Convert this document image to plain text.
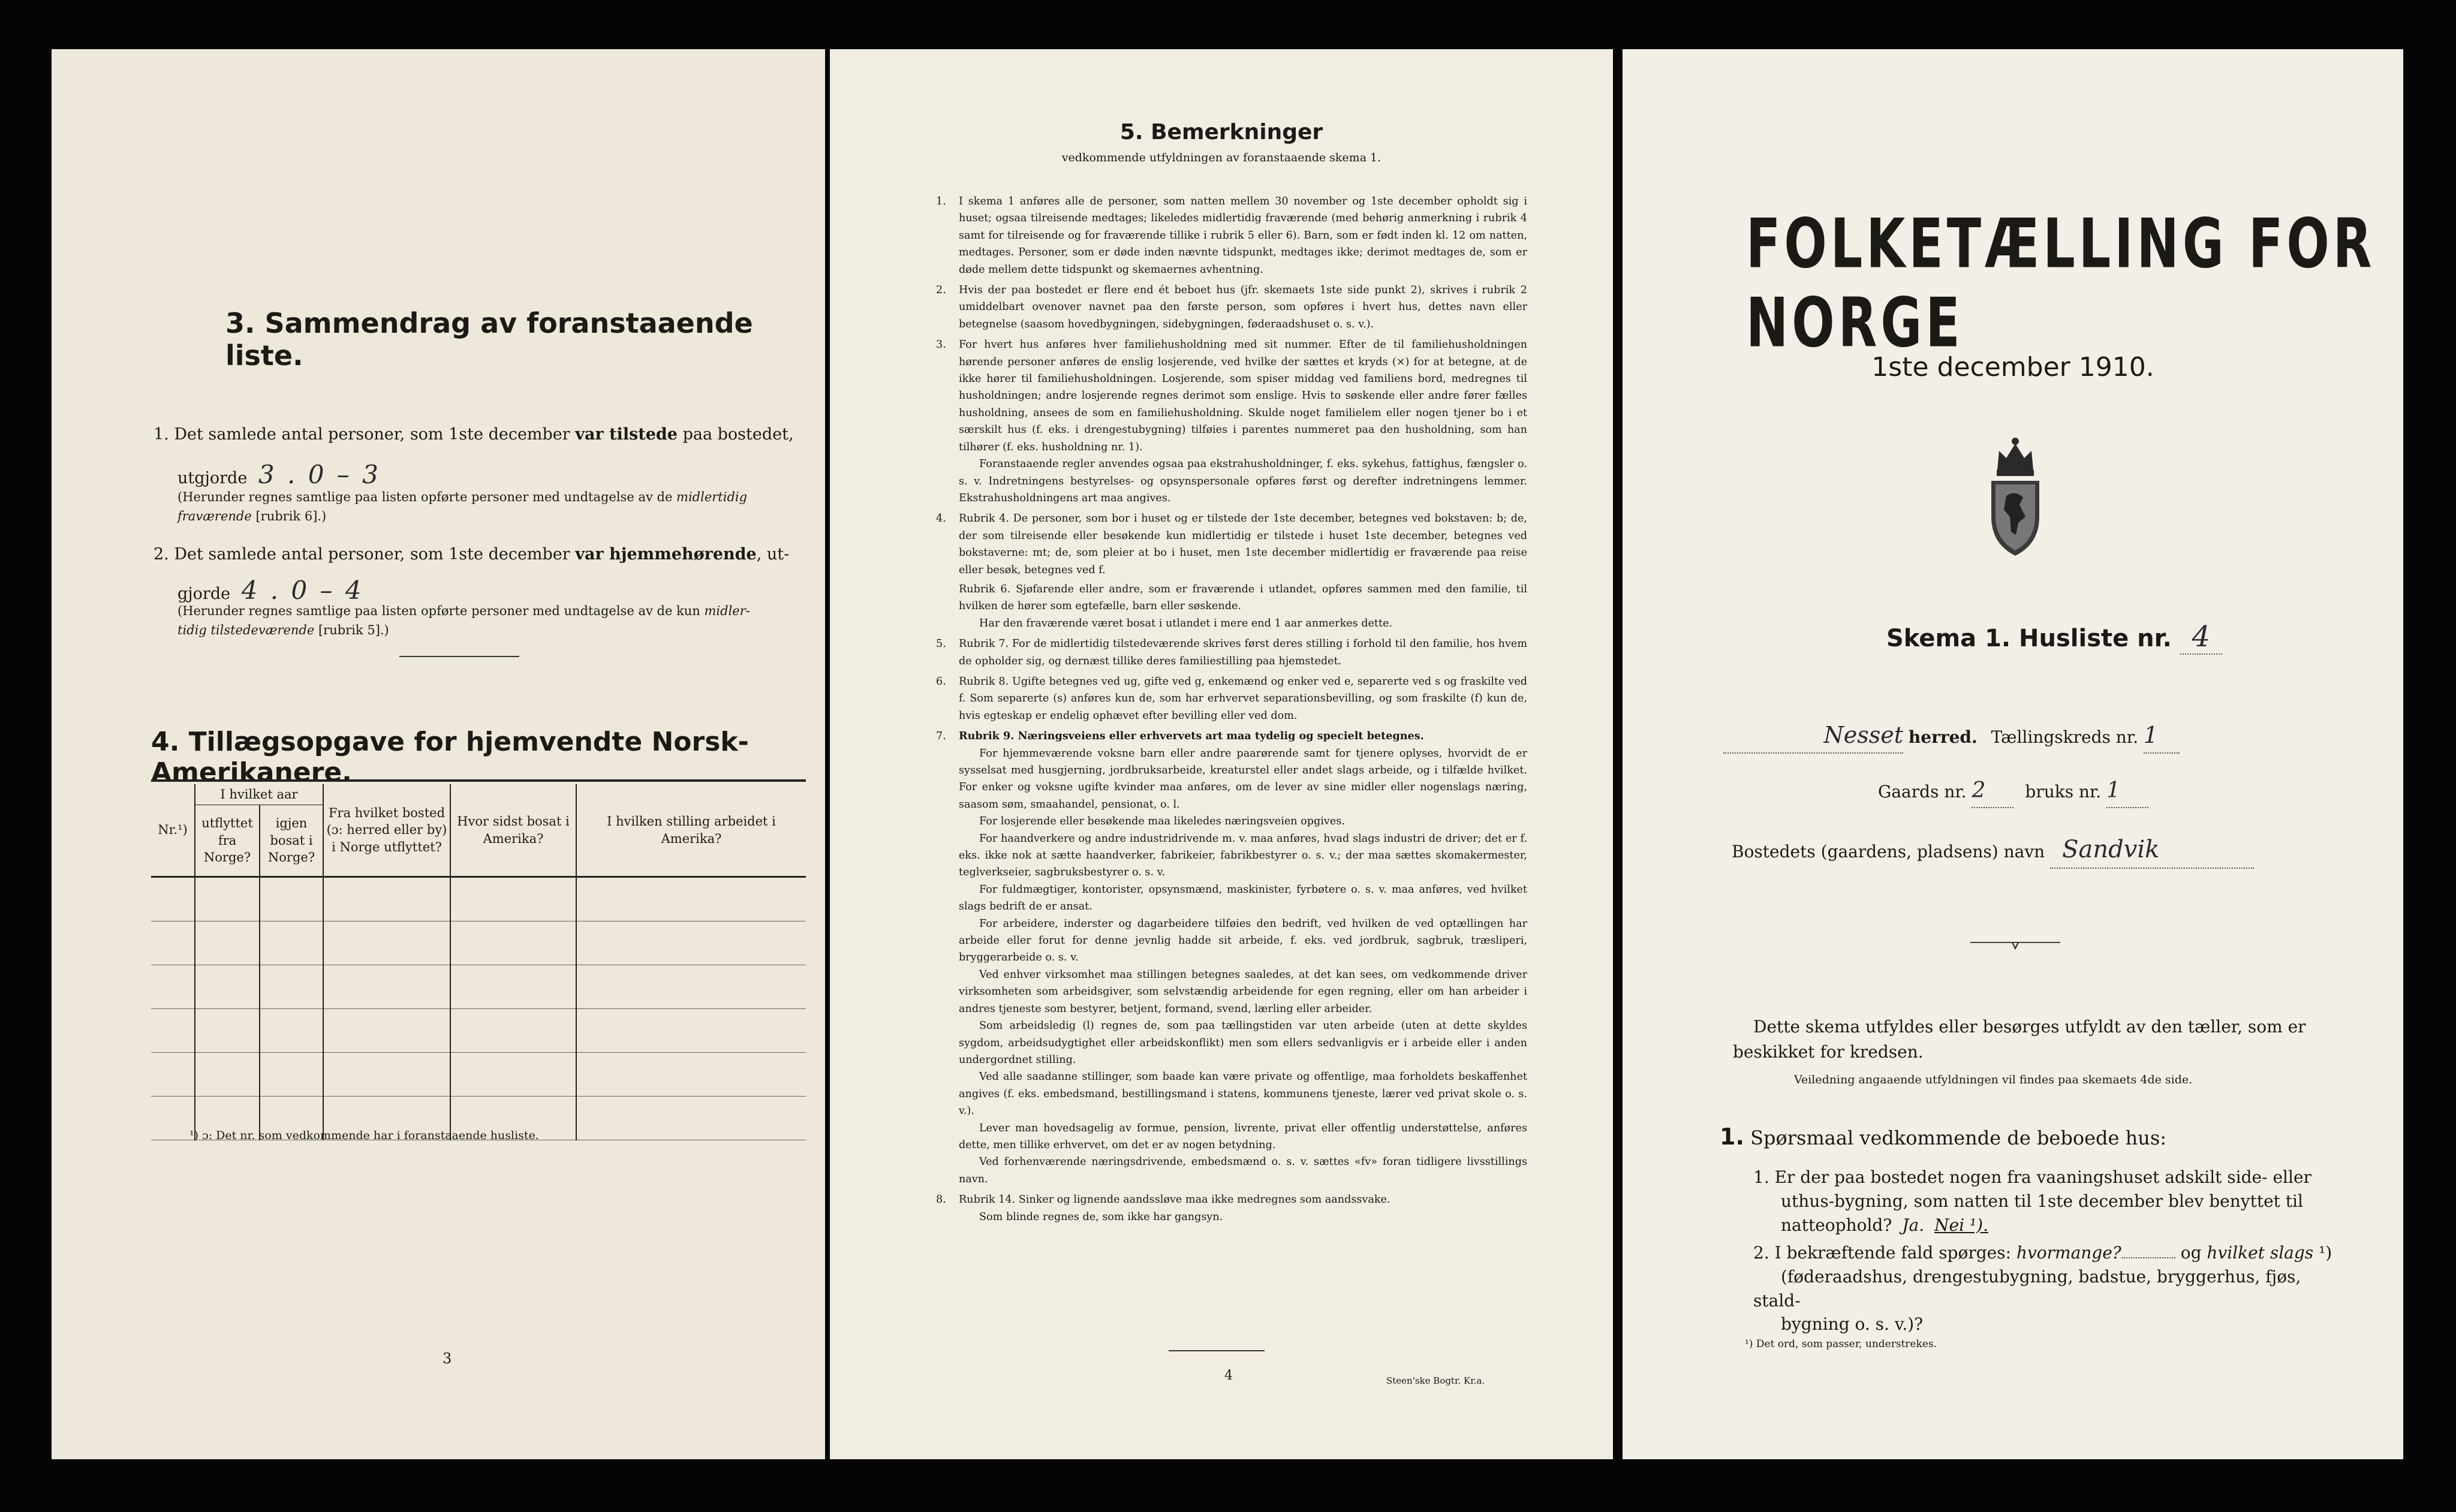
3. Sammendrag av foranstaaende liste.
1. Det samlede antal personer, som 1ste december var tilstede paa bostedet,
utgjorde 3 . 0 – 3
(Herunder regnes samtlige paa listen opførte personer med undtagelse av de midlertidig
fraværende [rubrik 6].)
2. Det samlede antal personer, som 1ste december var hjemmehørende, ut-
gjorde 4 . 0 – 4
(Herunder regnes samtlige paa listen opførte personer med undtagelse av de kun midler-
tidig tilstedeværende [rubrik 5].)
4. Tillægsopgave for hjemvendte Norsk-Amerikanere.
Nr.¹)	I hvilket aar		Fra hvilket bosted (ɔ: herred eller by) i Norge utflyttet?	Hvor sidst bosat i Amerika?	I hvilken stilling arbeidet i Amerika?
	utflyttet fra Norge?	igjen bosat i Norge?			

¹) ɔ: Det nr. som vedkommende har i foranstaaende husliste.
3
5. Bemerkninger
vedkommende utfyldningen av foranstaaende skema 1.

1. I skema 1 anføres alle de personer, som natten mellem 30 november og 1ste december opholdt sig i huset; ogsaa tilreisende medtages; likeledes midlertidig fraværende (med behørig anmerkning i rubrik 4 samt for tilreisende og for fraværende tillike i rubrik 5 eller 6). Barn, som er født inden kl. 12 om natten, medtages. Personer, som er døde inden nævnte tidspunkt, medtages ikke; derimot medtages de, som er døde mellem dette tidspunkt og skemaernes avhentning.

2. Hvis der paa bostedet er flere end ét beboet hus (jfr. skemaets 1ste side punkt 2), skrives i rubrik 2 umiddelbart ovenover navnet paa den første person, som opføres i hvert hus, dettes navn eller betegnelse (saasom hovedbygningen, sidebygningen, føderaadshuset o. s. v.).

3. For hvert hus anføres hver familiehusholdning med sit nummer. Efter de til familiehusholdningen hørende personer anføres de enslig losjerende, ved hvilke der sættes et kryds (×) for at betegne, at de ikke hører til familiehusholdningen. Losjerende, som spiser middag ved familiens bord, medregnes til husholdningen; andre losjerende regnes derimot som enslige. Hvis to søskende eller andre fører fælles husholdning, ansees de som en familiehusholdning. Skulde noget familielem eller nogen tjener bo i et særskilt hus (f. eks. i drengestubygning) tilføies i parentes nummeret paa den husholdning, som han tilhører (f. eks. husholdning nr. 1).

Foranstaaende regler anvendes ogsaa paa ekstrahusholdninger, f. eks. sykehus, fattighus, fængsler o. s. v. Indretningens bestyrelses- og opsynspersonale opføres først og derefter indretningens lemmer. Ekstrahusholdningens art maa angives.

4. Rubrik 4. De personer, som bor i huset og er tilstede der 1ste december, betegnes ved bokstaven: b; de, der som tilreisende eller besøkende kun midlertidig er tilstede i huset 1ste december, betegnes ved bokstaverne: mt; de, som pleier at bo i huset, men 1ste december midlertidig er fraværende paa reise eller besøk, betegnes ved f.

Rubrik 6. Sjøfarende eller andre, som er fraværende i utlandet, opføres sammen med den familie, til hvilken de hører som egtefælle, barn eller søskende.

Har den fraværende været bosat i utlandet i mere end 1 aar anmerkes dette.

5. Rubrik 7. For de midlertidig tilstedeværende skrives først deres stilling i forhold til den familie, hos hvem de opholder sig, og dernæst tillike deres familiestilling paa hjemstedet.

6. Rubrik 8. Ugifte betegnes ved ug, gifte ved g, enkemænd og enker ved e, separerte ved s og fraskilte ved f. Som separerte (s) anføres kun de, som har erhvervet separationsbevilling, og som fraskilte (f) kun de, hvis egteskap er endelig ophævet efter bevilling eller ved dom.

7. Rubrik 9. Næringsveiens eller erhvervets art maa tydelig og specielt betegnes.

For hjemmeværende voksne barn eller andre paarørende samt for tjenere oplyses, hvorvidt de er sysselsat med husgjerning, jordbruksarbeide, kreaturstel eller andet slags arbeide, og i tilfælde hvilket. For enker og voksne ugifte kvinder maa anføres, om de lever av sine midler eller nogenslags næring, saasom søm, smaahandel, pensionat, o. l.

For losjerende eller besøkende maa likeledes næringsveien opgives.

For haandverkere og andre industridrivende m. v. maa anføres, hvad slags industri de driver; det er f. eks. ikke nok at sætte haandverker, fabrikeier, fabrikbestyrer o. s. v.; der maa sættes skomakermester, teglverkseier, sagbruksbestyrer o. s. v.

For fuldmægtiger, kontorister, opsynsmænd, maskinister, fyrbøtere o. s. v. maa anføres, ved hvilket slags bedrift de er ansat.

For arbeidere, inderster og dagarbeidere tilføies den bedrift, ved hvilken de ved optællingen har arbeide eller forut for denne jevnlig hadde sit arbeide, f. eks. ved jordbruk, sagbruk, træsliperi, bryggerarbeide o. s. v.

Ved enhver virksomhet maa stillingen betegnes saaledes, at det kan sees, om vedkommende driver virksomheten som arbeidsgiver, som selvstændig arbeidende for egen regning, eller om han arbeider i andres tjeneste som bestyrer, betjent, formand, svend, lærling eller arbeider.

Som arbeidsledig (l) regnes de, som paa tællingstiden var uten arbeide (uten at dette skyldes sygdom, arbeidsudygtighet eller arbeidskonflikt) men som ellers sedvanligvis er i arbeide eller i anden undergordnet stilling.

Ved alle saadanne stillinger, som baade kan være private og offentlige, maa forholdets beskaffenhet angives (f. eks. embedsmand, bestillingsmand i statens, kommunens tjeneste, lærer ved privat skole o. s. v.).

Lever man hovedsagelig av formue, pension, livrente, privat eller offentlig understøttelse, anføres dette, men tillike erhvervet, om det er av nogen betydning.

Ved forhenværende næringsdrivende, embedsmænd o. s. v. sættes «fv» foran tidligere livsstillings navn.

8. Rubrik 14. Sinker og lignende aandssløve maa ikke medregnes som aandssvake.

Som blinde regnes de, som ikke har gangsyn.

4	Steen'ske Bogtr. Kr.a.
FOLKETÆLLING FOR NORGE
1ste december 1910.
Skema 1. Husliste nr. 4
Nesset herred. Tællingskreds nr. 1
Gaards nr. 2 bruks nr. 1
Bostedets (gaardens, pladsens) navn Sandvik
Dette skema utfyldes eller besørges utfyldt av den tæller, som er
beskikket for kredsen.
Veiledning angaaende utfyldningen vil findes paa skemaets 4de side.
1. Spørsmaal vedkommende de beboede hus:
1. Er der paa bostedet nogen fra vaaningshuset adskilt side- eller
uthus-bygning, som natten til 1ste december blev benyttet til
natteophold? Ja. Nei ¹).
2. I bekræftende fald spørges: hvormange?	og hvilket slags ¹)
(føderaadshus, drengestubygning, badstue, bryggerhus, fjøs, stald-
bygning o. s. v.)?
¹) Det ord, som passer, understrekes.
